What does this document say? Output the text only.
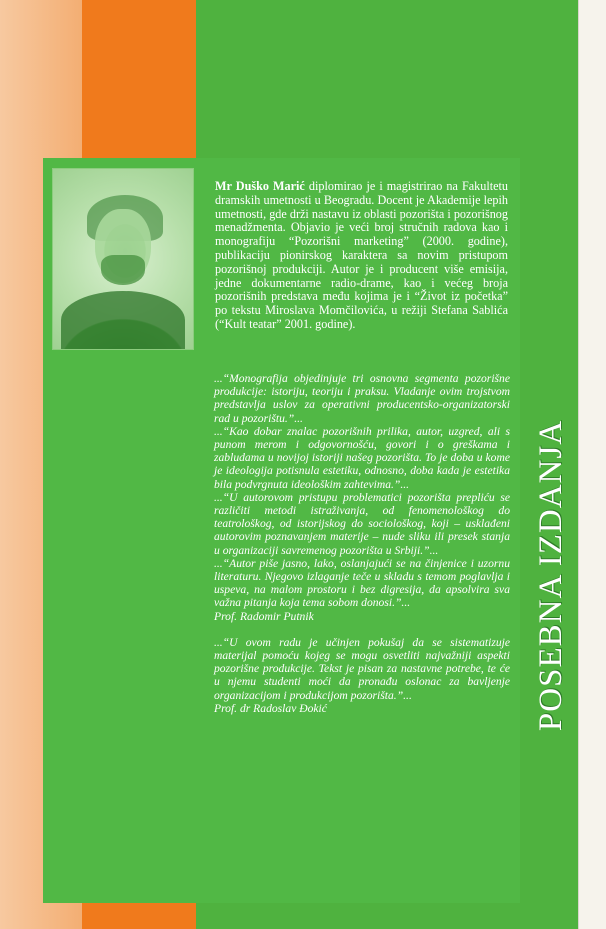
Mr Duško Marić diplomirao je i magistrirao na Fakultetu dramskih umetnosti u Beogradu. Docent je Akademije lepih umetnosti, gde drži nastavu iz oblasti pozorišta i pozorišnog menadžmenta. Objavio je veći broj stručnih radova kao i monografiju “Pozorišni marketing” (2000. godine), publikaciju pionirskog karaktera sa novim pristupom pozorišnoj produkciji. Autor je i producent više emisija, jedne dokumentarne radio-drame, kao i većeg broja pozorišnih predstava među kojima je i “Život iz početka” po tekstu Miroslava Momčilovića, u režiji Stefana Sablića (“Kult teatar” 2001. godine).

...“Monografija objedinjuje tri osnovna segmenta pozorišne produkcije: istoriju, teoriju i praksu. Vladanje ovim trojstvom predstavlja uslov za operativni producentsko-organizatorski rad u pozorištu.”...

...“Kao dobar znalac pozorišnih prilika, autor, uzgred, ali s punom merom i odgovornošću, govori i o greškama i zabludama u novijoj istoriji našeg pozorišta. To je doba u kome je ideologija potisnula estetiku, odnosno, doba kada je estetika bila podvrgnuta ideološkim zahtevima.”...

...“U autorovom pristupu problematici pozorišta prepliću se različiti metodi istraživanja, od fenomenološkog do teatrološkog, od istorijskog do sociološkog, koji – usklađeni autorovim poznavanjem materije – nude sliku ili presek stanja u organizaciji savremenog pozorišta u Srbiji.”...

...“Autor piše jasno, lako, oslanjajući se na činjenice i uzornu literaturu. Njegovo izlaganje teče u skladu s temom poglavlja i uspeva, na malom prostoru i bez digresija, da apsolvira sva važna pitanja koja tema sobom donosi.”...

Prof. Radomir Putnik

...“U ovom radu je učinjen pokušaj da se sistematizuje materijal pomoću kojeg se mogu osvetliti najvažniji aspekti pozorišne produkcije. Tekst je pisan za nastavne potrebe, te će u njemu studenti moći da pronađu oslonac za bavljenje organizacijom i produkcijom pozorišta.”...

Prof. dr Radoslav Đokić	POSEBNA IZDANJA
